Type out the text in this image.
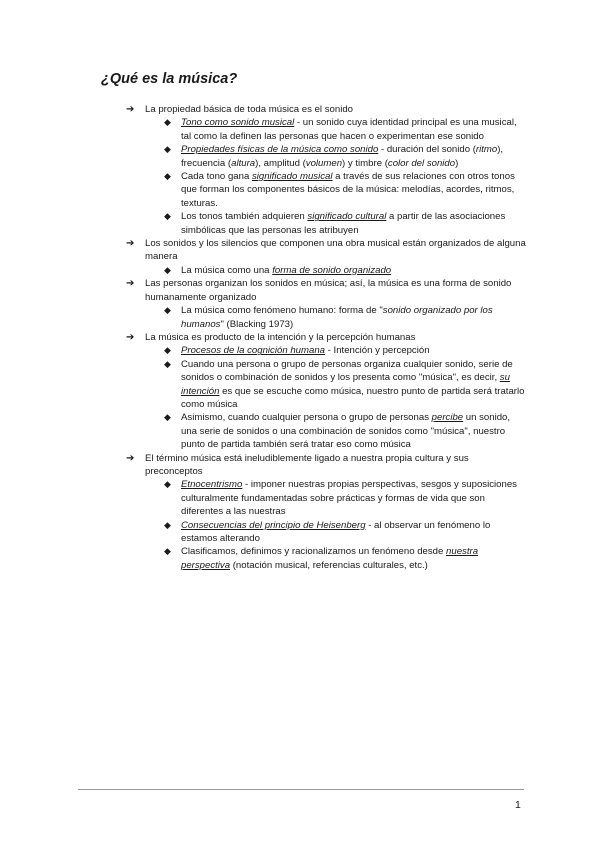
¿Qué es la música?

➔ La propiedad básica de toda música es el sonido

◆ Tono como sonido musical - un sonido cuya identidad principal es una musical, tal como la definen las personas que hacen o experimentan ese sonido

◆ Propiedades físicas de la música como sonido - duración del sonido (ritmo), frecuencia (altura), amplitud (volumen) y timbre (color del sonido)

◆ Cada tono gana significado musical a través de sus relaciones con otros tonos que forman los componentes básicos de la música: melodías, acordes, ritmos, texturas.

◆ Los tonos también adquieren significado cultural a partir de las asociaciones simbólicas que las personas les atribuyen

➔ Los sonidos y los silencios que componen una obra musical están organizados de alguna manera

◆ La música como una forma de sonido organizado

➔ Las personas organizan los sonidos en música; así, la música es una forma de sonido humanamente organizado

◆ La música como fenómeno humano: forma de "sonido organizado por los humanos" (Blacking 1973)

➔ La música es producto de la intención y la percepción humanas

◆ Procesos de la cognición humana - Intención y percepción

◆ Cuando una persona o grupo de personas organiza cualquier sonido, serie de sonidos o combinación de sonidos y los presenta como "música", es decir, su intención es que se escuche como música, nuestro punto de partida será tratarlo como música

◆ Asimismo, cuando cualquier persona o grupo de personas percibe un sonido, una serie de sonidos o una combinación de sonidos como "música", nuestro punto de partida también será tratar eso como música

➔ El término música está ineludiblemente ligado a nuestra propia cultura y sus preconceptos

◆ Etnocentrismo - imponer nuestras propias perspectivas, sesgos y suposiciones culturalmente fundamentadas sobre prácticas y formas de vida que son diferentes a las nuestras

◆ Consecuencias del principio de Heisenberg - al observar un fenómeno lo estamos alterando

◆ Clasificamos, definimos y racionalizamos un fenómeno desde nuestra perspectiva (notación musical, referencias culturales, etc.)

1
